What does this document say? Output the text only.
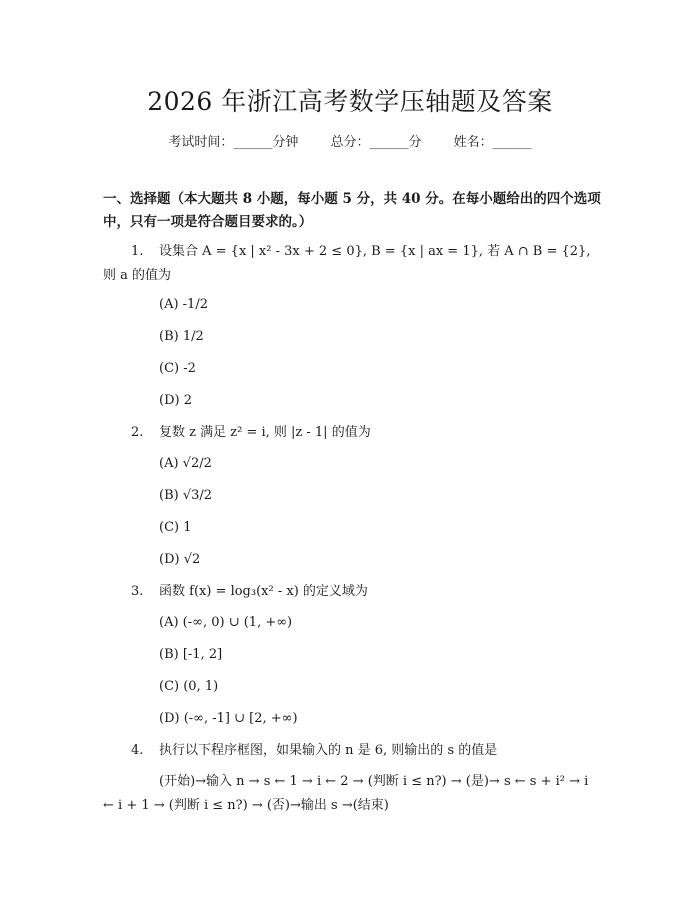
2026 年浙江高考数学压轴题及答案
考试时间：______分钟 总分：______分 姓名：______
一、选择题（本大题共 8 小题，每小题 5 分，共 40 分。在每小题给出的四个选项中，只有一项是符合题目要求的。）
1. 设集合 A = {x | x² - 3x + 2 ≤ 0}, B = {x | ax = 1}, 若 A ∩ B = {2}, 则 a 的值为
(A) -1/2
(B) 1/2
(C) -2
(D) 2
2. 复数 z 满足 z² = i, 则 |z - 1| 的值为
(A) √2/2
(B) √3/2
(C) 1
(D) √2
3. 函数 f(x) = log₃(x² - x) 的定义域为
(A) (-∞, 0) ∪ (1, +∞)
(B) [-1, 2]
(C) (0, 1)
(D) (-∞, -1] ∪ [2, +∞)
4. 执行以下程序框图，如果输入的 n 是 6, 则输出的 s 的值是
(开始)→输入 n → s ← 1 → i ← 2 → (判断 i ≤ n?) → (是)→ s ← s + i² → i ← i + 1 → (判断 i ≤ n?) → (否)→输出 s →(结束)
